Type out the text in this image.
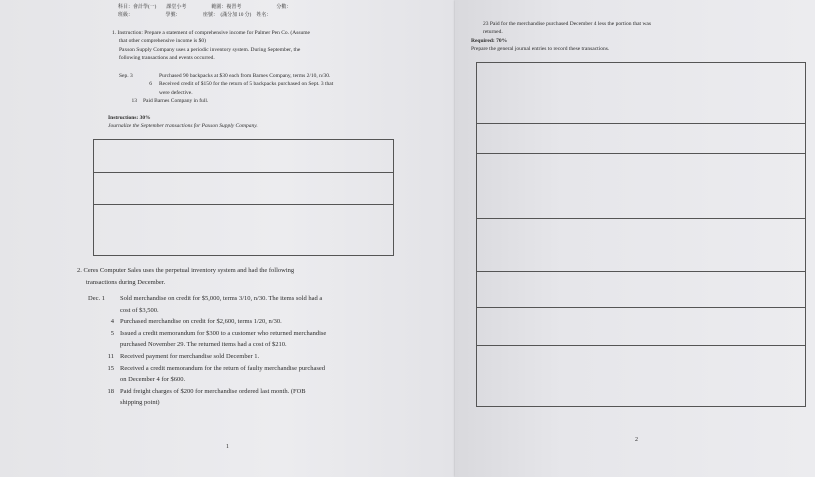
科目：會計學(一)　　課堂小考　　　　　範圍：複習考　　　　　　　分數：
班級：　　　　　　　學號：　　　　　座號：　(滿分加 10 分)　姓名：
1. Instruction: Prepare a statement of comprehensive income for Palmer Pen Co. (Assume
that other comprehensive income is $0)
Paxson Supply Company uses a periodic inventory system. During September, the
following transactions and events occurred.
Sep. 3	Purchased 90 backpacks at $30 each from Barnes Company, terms 2/10, n/30.
6 Received credit of $150 for the return of 5 backpacks purchased on Sept. 3 that
were defective.
13 Paid Barnes Company in full.
Instructions: 30%
Journalize the September transactions for Paxson Supply Company.
2. Ceres Computer Sales uses the perpetual inventory system and had the following
transactions during December.
Dec. 1 Sold merchandise on credit for $5,000, terms 3/10, n/30. The items sold had a
cost of $3,500.
4 Purchased merchandise on credit for $2,600, terms 1/20, n/30.
5 Issued a credit memorandum for $300 to a customer who returned merchandise
purchased November 29. The returned items had a cost of $210.
11 Received payment for merchandise sold December 1.
15 Received a credit memorandum for the return of faulty merchandise purchased
on December 4 for $600.
18 Paid freight charges of $200 for merchandise ordered last month. (FOB
shipping point)
1
23 Paid for the merchandise purchased December 4 less the portion that was
returned.
Required: 70%
Prepare the general journal entries to record these transactions.
2
